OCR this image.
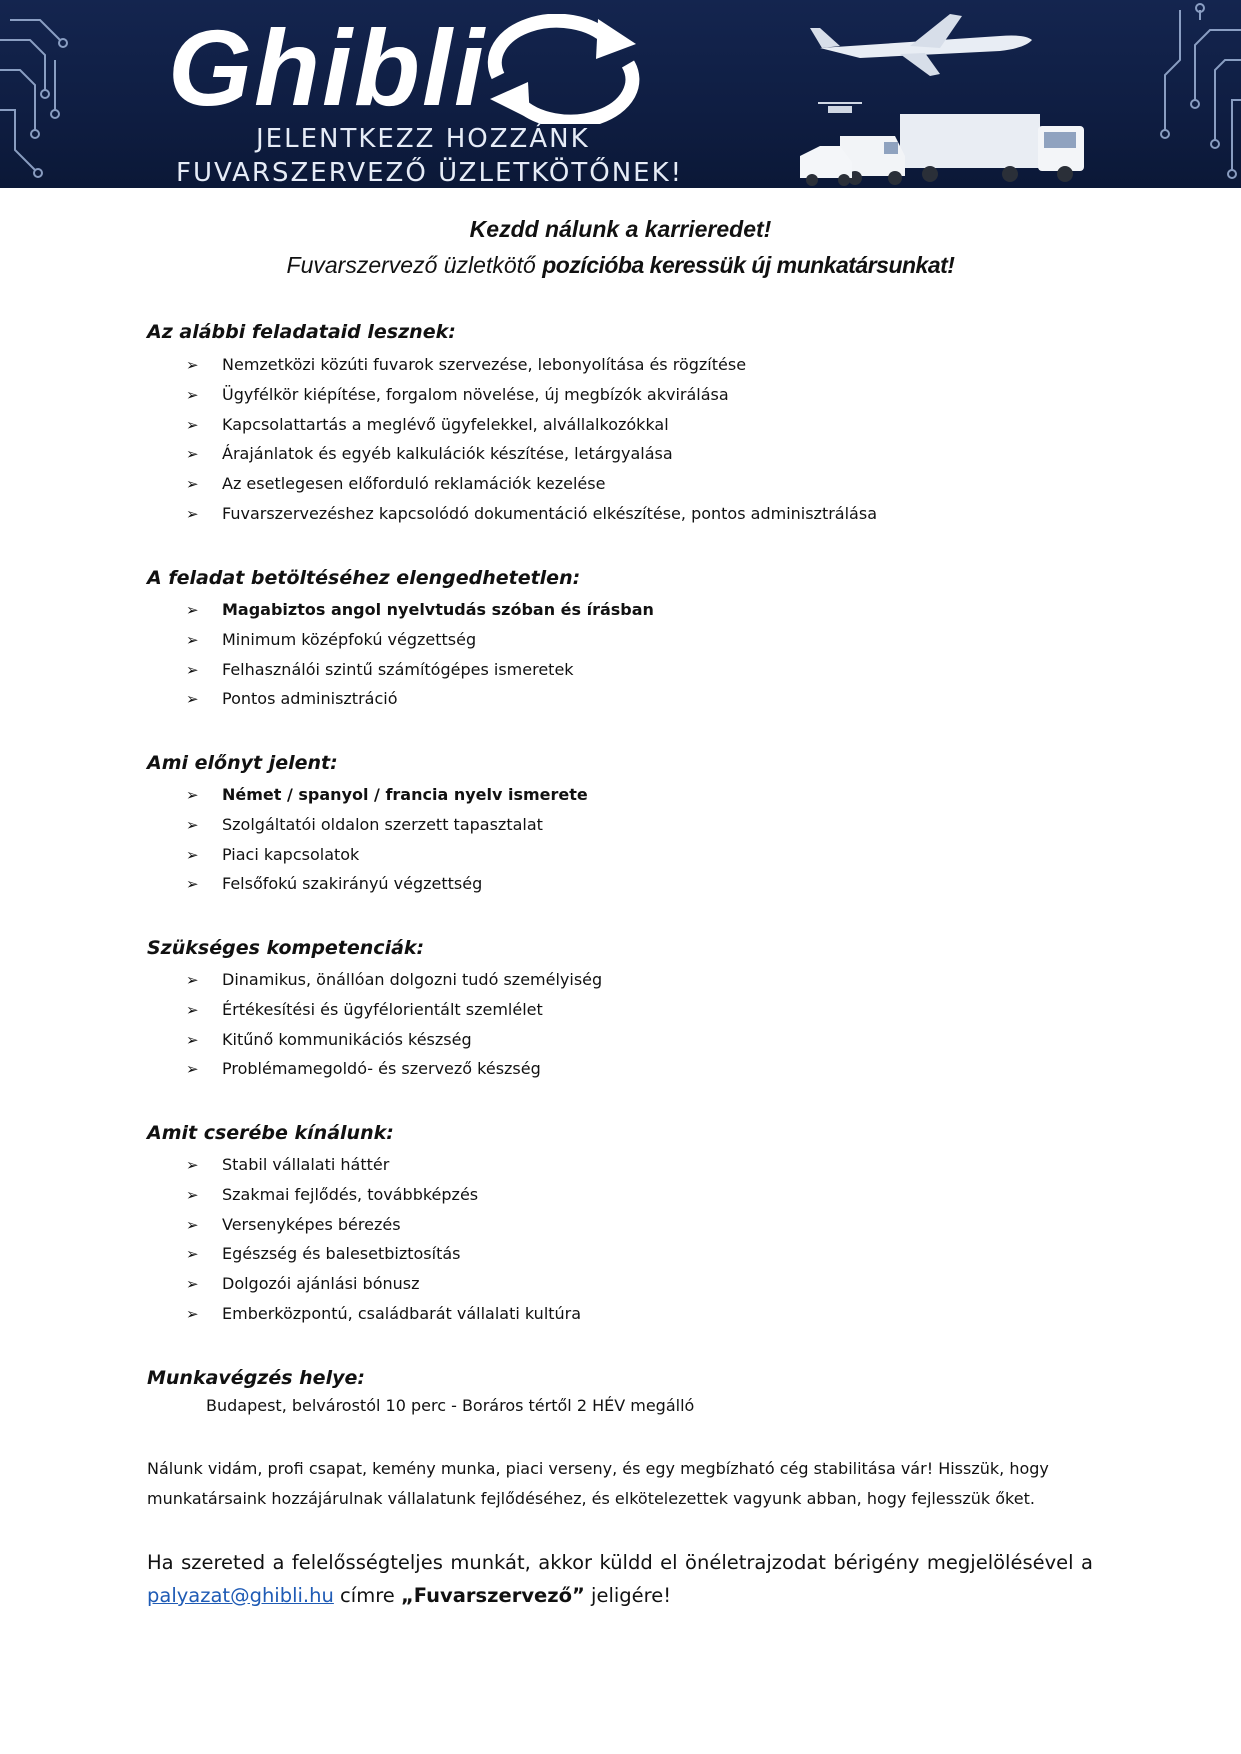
Ghibli
JELENTKEZZ HOZZÁNK
FUVARSZERVEZŐ ÜZLETKÖTŐNEK!
Kezdd nálunk a karrieredet!
Fuvarszervező üzletkötő pozícióba keressük új munkatársunkat!
Az alábbi feladataid lesznek:
➢ Nemzetközi közúti fuvarok szervezése, lebonyolítása és rögzítése
➢ Ügyfélkör kiépítése, forgalom növelése, új megbízók akvirálása
➢ Kapcsolattartás a meglévő ügyfelekkel, alvállalkozókkal
➢ Árajánlatok és egyéb kalkulációk készítése, letárgyalása
➢ Az esetlegesen előforduló reklamációk kezelése
➢ Fuvarszervezéshez kapcsolódó dokumentáció elkészítése, pontos adminisztrálása
A feladat betöltéséhez elengedhetetlen:
➢ Magabiztos angol nyelvtudás szóban és írásban
➢ Minimum középfokú végzettség
➢ Felhasználói szintű számítógépes ismeretek
➢ Pontos adminisztráció
Ami előnyt jelent:
➢ Német / spanyol / francia nyelv ismerete
➢ Szolgáltatói oldalon szerzett tapasztalat
➢ Piaci kapcsolatok
➢ Felsőfokú szakirányú végzettség
Szükséges kompetenciák:
➢ Dinamikus, önállóan dolgozni tudó személyiség
➢ Értékesítési és ügyfélorientált szemlélet
➢ Kitűnő kommunikációs készség
➢ Problémamegoldó- és szervező készség
Amit cserébe kínálunk:
➢ Stabil vállalati háttér
➢ Szakmai fejlődés, továbbképzés
➢ Versenyképes bérezés
➢ Egészség és balesetbiztosítás
➢ Dolgozói ajánlási bónusz
➢ Emberközpontú, családbarát vállalati kultúra
Munkavégzés helye:
Budapest, belvárostól 10 perc - Boráros tértől 2 HÉV megálló
Nálunk vidám, profi csapat, kemény munka, piaci verseny, és egy megbízható cég stabilitása vár! Hisszük, hogy munkatársaink hozzájárulnak vállalatunk fejlődéséhez, és elkötelezettek vagyunk abban, hogy fejlesszük őket.
Ha szereted a felelősségteljes munkát, akkor küldd el önéletrajzodat bérigény megjelölésével a
palyazat@ghibli.hu címre „Fuvarszervező” jeligére!
